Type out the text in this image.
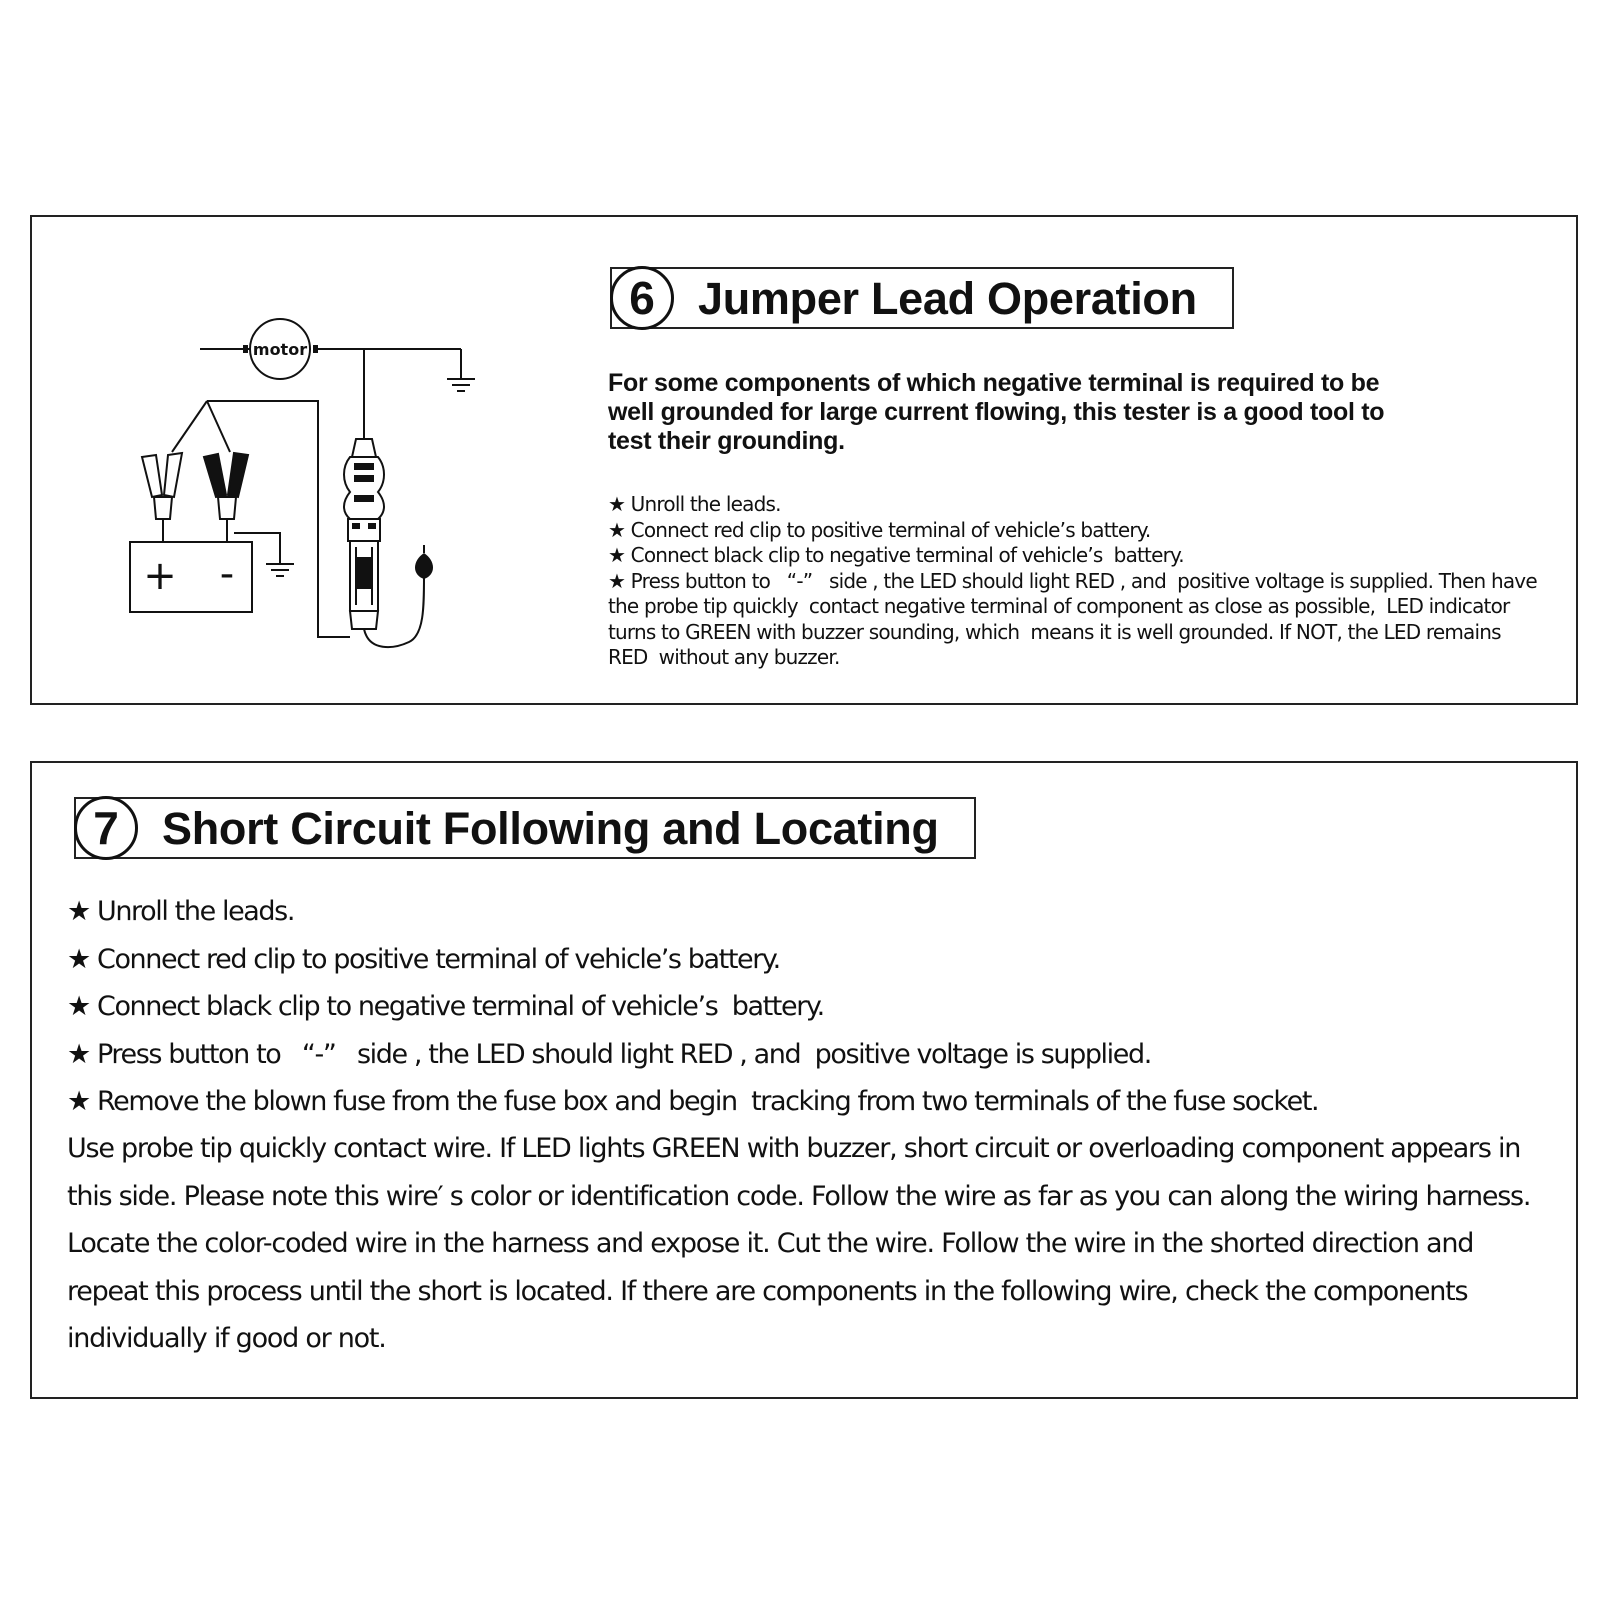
motor
+ -
6 Jumper Lead Operation
For some components of which negative terminal is required to be well grounded for large current flowing, this tester is a good tool to test their grounding.
★ Unroll the leads.
★ Connect red clip to positive terminal of vehicle’s battery.
★ Connect black clip to negative terminal of vehicle’s  battery.
★ Press button to   “-”   side , the LED should light RED , and  positive voltage is supplied. Then have the probe tip quickly  contact negative terminal of component as close as possible,  LED indicator turns to GREEN with buzzer sounding, which  means it is well grounded. If NOT, the LED remains RED  without any buzzer.
7 Short Circuit Following and Locating
★ Unroll the leads.
★ Connect red clip to positive terminal of vehicle’s battery.
★ Connect black clip to negative terminal of vehicle’s  battery.
★ Press button to   “-”   side , the LED should light RED , and  positive voltage is supplied.
★ Remove the blown fuse from the fuse box and begin  tracking from two terminals of the fuse socket.
Use probe tip quickly contact wire. If LED lights GREEN with buzzer, short circuit or overloading component appears in this side. Please note this wire′ s color or identification code. Follow the wire as far as you can along the wiring harness. Locate the color-coded wire in the harness and expose it. Cut the wire. Follow the wire in the shorted direction and repeat this process until the short is located. If there are components in the following wire, check the components individually if good or not.
